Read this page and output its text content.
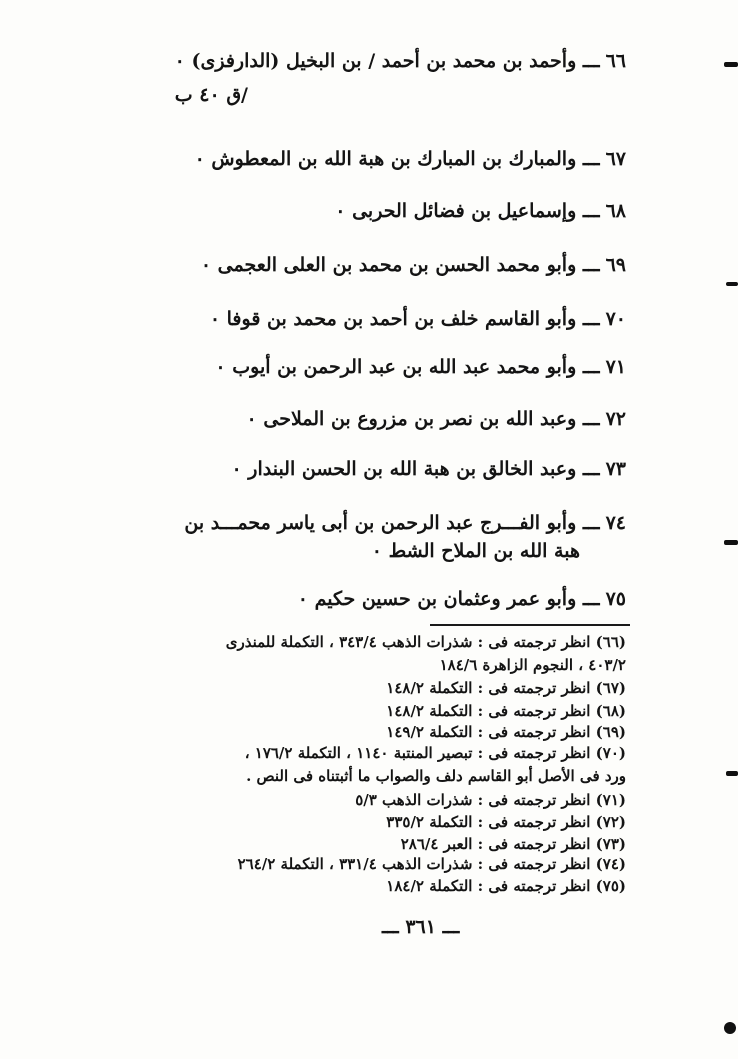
٦٦ـــ وأحمد بن محمد بن أحمد / بن البخيل (الدارفزى) ٠
/ق ٤٠ ب
٦٧ـــ والمبارك بن المبارك بن هبة الله بن المعطوش ٠
٦٨ـــ وإسماعيل بن فضائل الحربى ٠
٦٩ـــ وأبو محمد الحسن بن محمد بن العلى العجمى ٠
٧٠ـــ وأبو القاسم خلف بن أحمد بن محمد بن قوفا ٠
٧١ـــ وأبو محمد عبد الله بن عبد الرحمن بن أيوب ٠
٧٢ـــ وعبد الله بن نصر بن مزروع بن الملاحى ٠
٧٣ـــ وعبد الخالق بن هبة الله بن الحسن البندار ٠
٧٤ـــ وأبو الفـــرج عبد الرحمن بن أبى ياسر محمـــد بن
هبة الله بن الملاح الشط ٠
٧٥ـــ وأبو عمر وعثمان بن حسين حكيم ٠
(٦٦) انظر ترجمته فى : شذرات الذهب ٣٤٣/٤ ، التكملة للمنذرى
٤٠٣/٢ ، النجوم الزاهرة ١٨٤/٦
(٦٧) انظر ترجمته فى : التكملة ١٤٨/٢
(٦٨) انظر ترجمته فى : التكملة ١٤٨/٢
(٦٩) انظر ترجمته فى : التكملة ١٤٩/٢
(٧٠) انظر ترجمته فى : تبصير المنتبة ١١٤٠ ، التكملة ١٧٦/٢ ،
ورد فى الأصل أبو القاسم دلف والصواب ما أثبتناه فى النص .
(٧١) انظر ترجمته فى : شذرات الذهب ٥/٣
(٧٢) انظر ترجمته فى : التكملة ٣٣٥/٢
(٧٣) انظر ترجمته فى : العبر ٢٨٦/٤
(٧٤) انظر ترجمته فى : شذرات الذهب ٣٣١/٤ ، التكملة ٢٦٤/٢
(٧٥) انظر ترجمته فى : التكملة ١٨٤/٢
ـــ ٣٦١ ـــ
